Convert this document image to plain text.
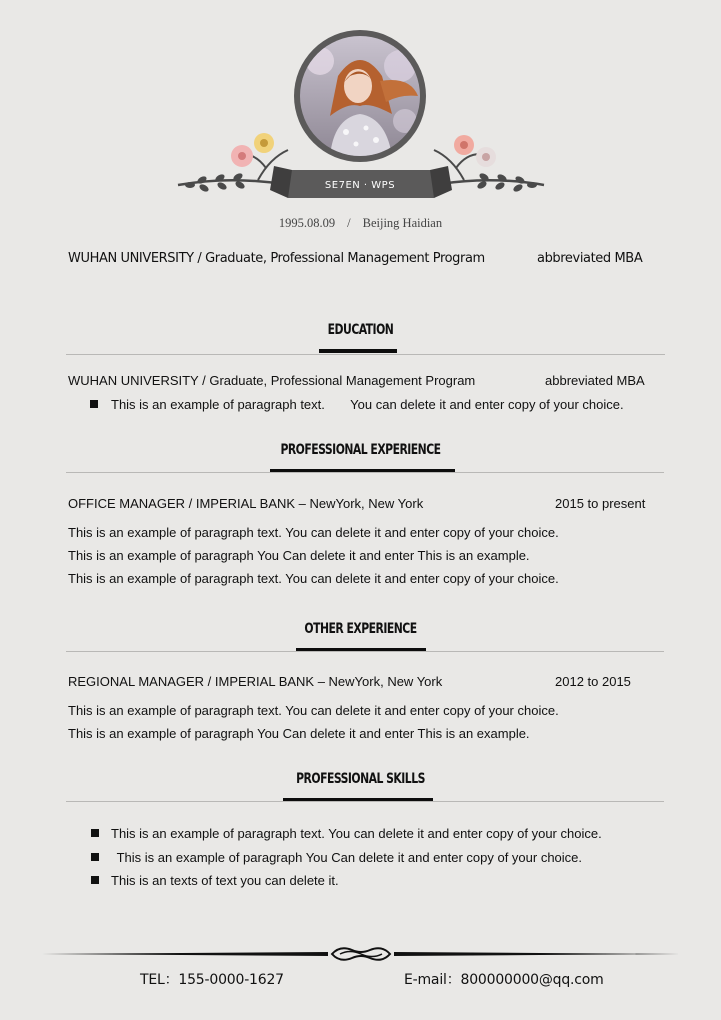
SE7EN · WPS
1995.08.09 / Beijing Haidian
WUHAN UNIVERSITY / Graduate, Professional Management Program	abbreviated MBA
EDUCATION
WUHAN UNIVERSITY / Graduate, Professional Management Program	abbreviated MBA
This is an example of paragraph text.       You can delete it and enter copy of your choice.
PROFESSIONAL EXPERIENCE
OFFICE MANAGER / IMPERIAL BANK – NewYork, New York	2015 to present
This is an example of paragraph text. You can delete it and enter copy of your choice.
This is an example of paragraph You Can delete it and enter This is an example.
This is an example of paragraph text. You can delete it and enter copy of your choice.
OTHER EXPERIENCE
REGIONAL MANAGER / IMPERIAL BANK – NewYork, New York	2012 to 2015
This is an example of paragraph text. You can delete it and enter copy of your choice.
This is an example of paragraph You Can delete it and enter This is an example.
PROFESSIONAL SKILLS
This is an example of paragraph text. You can delete it and enter copy of your choice.
This is an example of paragraph You Can delete it and enter copy of your choice.
This is an texts of text you can delete it.
TEL：155-0000-1627	E-mail：800000000@qq.com
